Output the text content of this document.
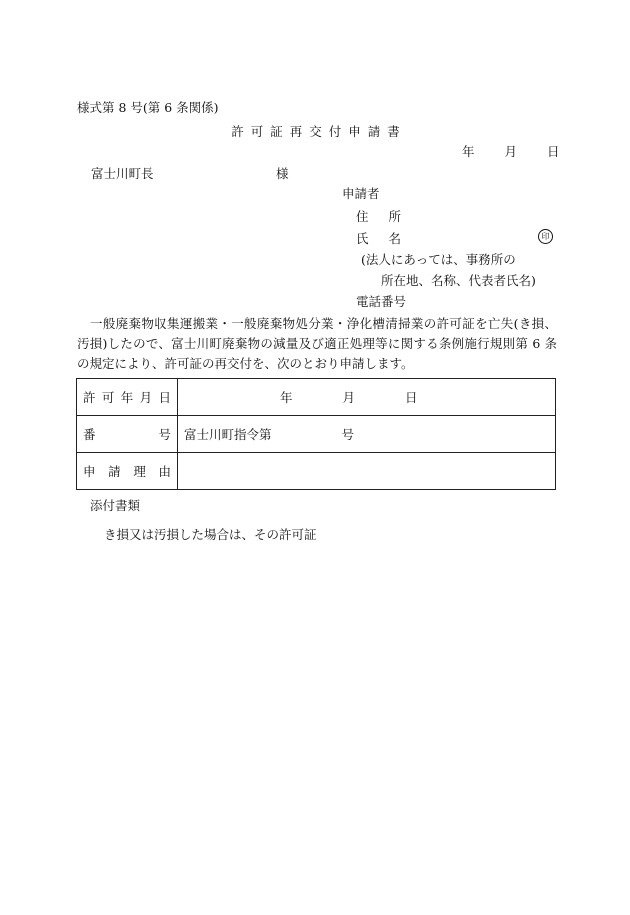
様式第 8 号(第 6 条関係)
許可証再交付申請書
年 月 日
富士川町長	様
申請者
住所
氏名	印
(法人にあっては、事務所の
所在地、名称、代表者氏名)
電話番号
一般廃棄物収集運搬業・一般廃棄物処分業・浄化槽清掃業の許可証を亡失(き損、汚損)したので、富士川町廃棄物の減量及び適正処理等に関する条例施行規則第 6 条の規定により、許可証の再交付を、次のとおり申請します。
許可年月日	年 月 日

番 号	富士川町指令第 号

申請理由	

添付書類
き損又は汚損した場合は、その許可証
